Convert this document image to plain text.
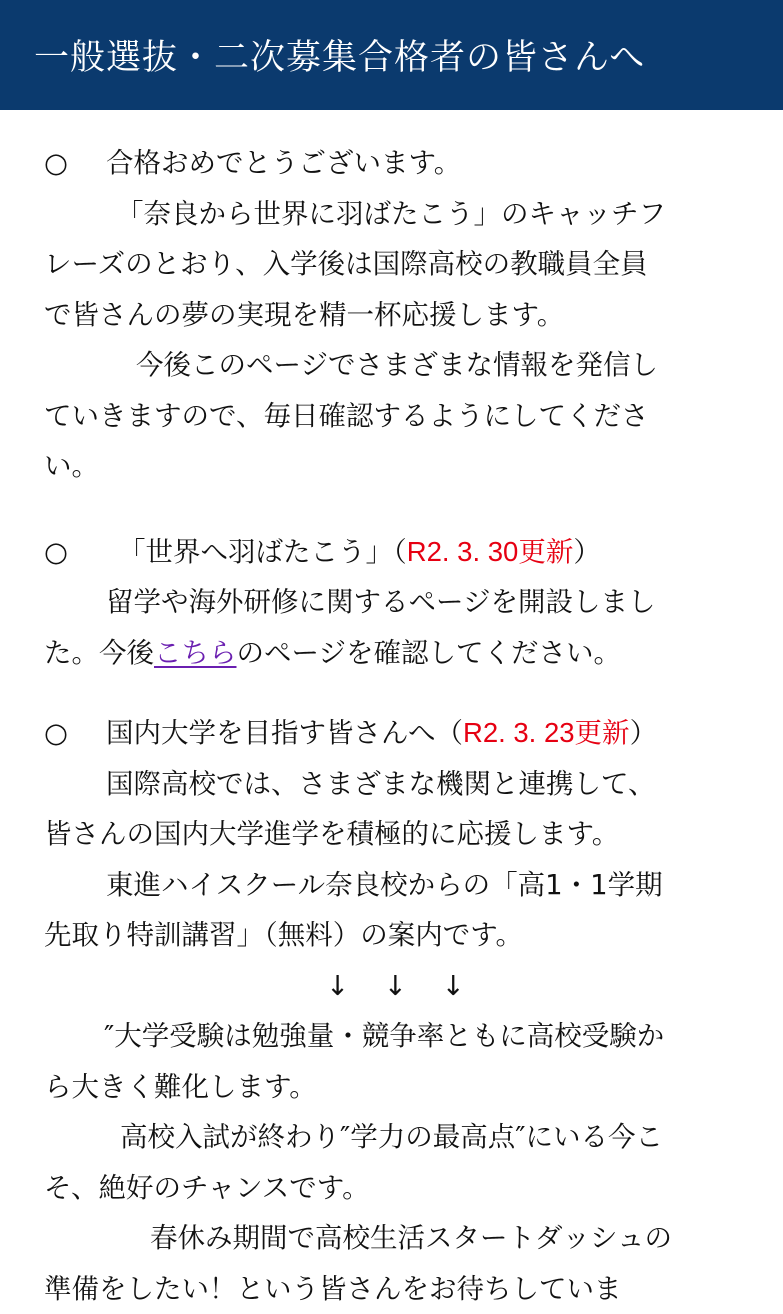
一般選抜・二次募集合格者の皆さんへ
○ 合格おめでとうございます。
「奈良から世界に羽ばたこう」のキャッチフ
レーズのとおり、入学後は国際高校の教職員全員
で皆さんの夢の実現を精一杯応援します。
今後このページでさまざまな情報を発信し
ていきますので、毎日確認するようにしてくださ
い。
○ 「世界へ羽ばたこう」（R2. 3. 30更新）
留学や海外研修に関するページを開設しまし
た。今後こちらのページを確認してください。
○ 国内大学を目指す皆さんへ（R2. 3. 23更新）
国際高校では、さまざまな機関と連携して、
皆さんの国内大学進学を積極的に応援します。
東進ハイスクール奈良校からの「高1・1学期
先取り特訓講習」（無料）の案内です。
↓ ↓ ↓
″大学受験は勉強量・競争率ともに高校受験か
ら大きく難化します。
高校入試が終わり″学力の最高点″にいる今こ
そ、絶好のチャンスです。
春休み期間で高校生活スタートダッシュの
準備をしたい！という皆さんをお待ちしていま
